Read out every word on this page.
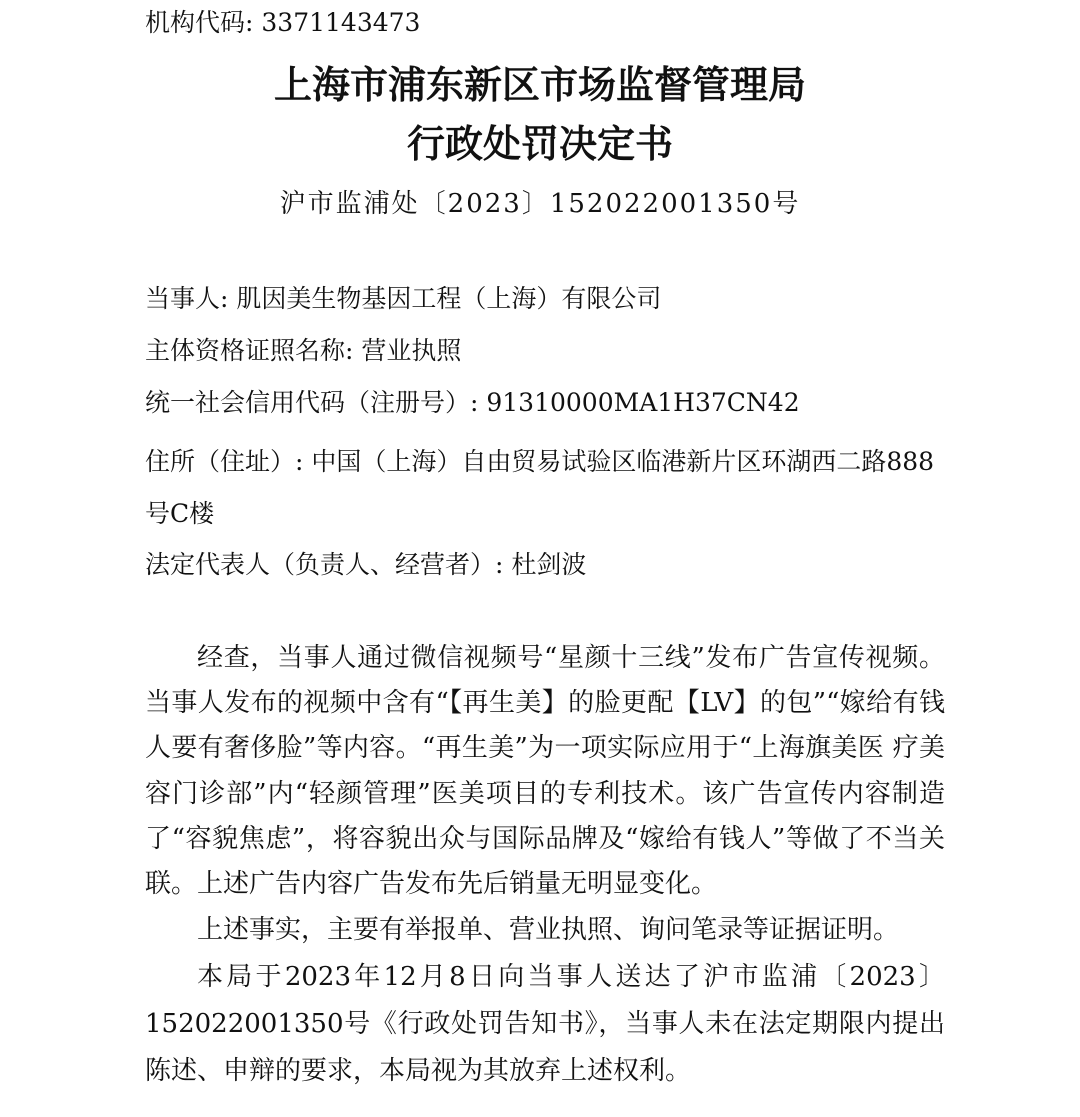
机构代码: 3371143473
上海市浦东新区市场监督管理局
行政处罚决定书
沪市监浦处〔2023〕152022001350号
当事人: 肌因美生物基因工程（上海）有限公司
主体资格证照名称: 营业执照
统一社会信用代码（注册号）: 91310000MA1H37CN42
住所（住址）: 中国（上海）自由贸易试验区临港新片区环湖西二路888号C楼
法定代表人（负责人、经营者）: 杜剑波

经查，当事人通过微信视频号“星颜十三线”发布广告宣传视频。当事人发布的视频中含有“【再生美】的脸更配【LV】的包”“嫁给有钱人要有奢侈脸”等内容。“再生美”为一项实际应用于“上海旗美医 疗美容门诊部”内“轻颜管理”医美项目的专利技术。该广告宣传内容制造了“容貌焦虑”，将容貌出众与国际品牌及“嫁给有钱人”等做了不当关联。上述广告内容广告发布先后销量无明显变化。

上述事实，主要有举报单、营业执照、询问笔录等证据证明。

本局于2023年12月8日向当事人送达了沪市监浦〔2023〕152022001350号《行政处罚告知书》，当事人未在法定期限内提出陈述、申辩的要求，本局视为其放弃上述权利。
